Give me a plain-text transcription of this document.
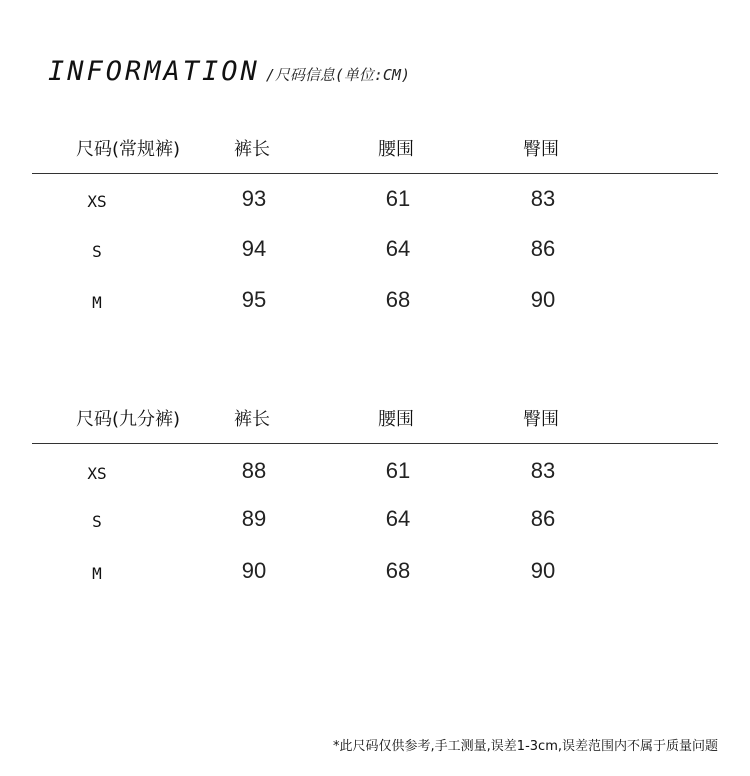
INFORMATION /尺码信息(单位:CM)
尺码(常规裤)	裤长	腰围	臀围
XS	93	61	83
S	94	64	86
M	95	68	90
尺码(九分裤)	裤长	腰围	臀围
XS	88	61	83
S	89	64	86
M	90	68	90
*此尺码仅供参考,手工测量,误差1-3cm,误差范围内不属于质量问题
